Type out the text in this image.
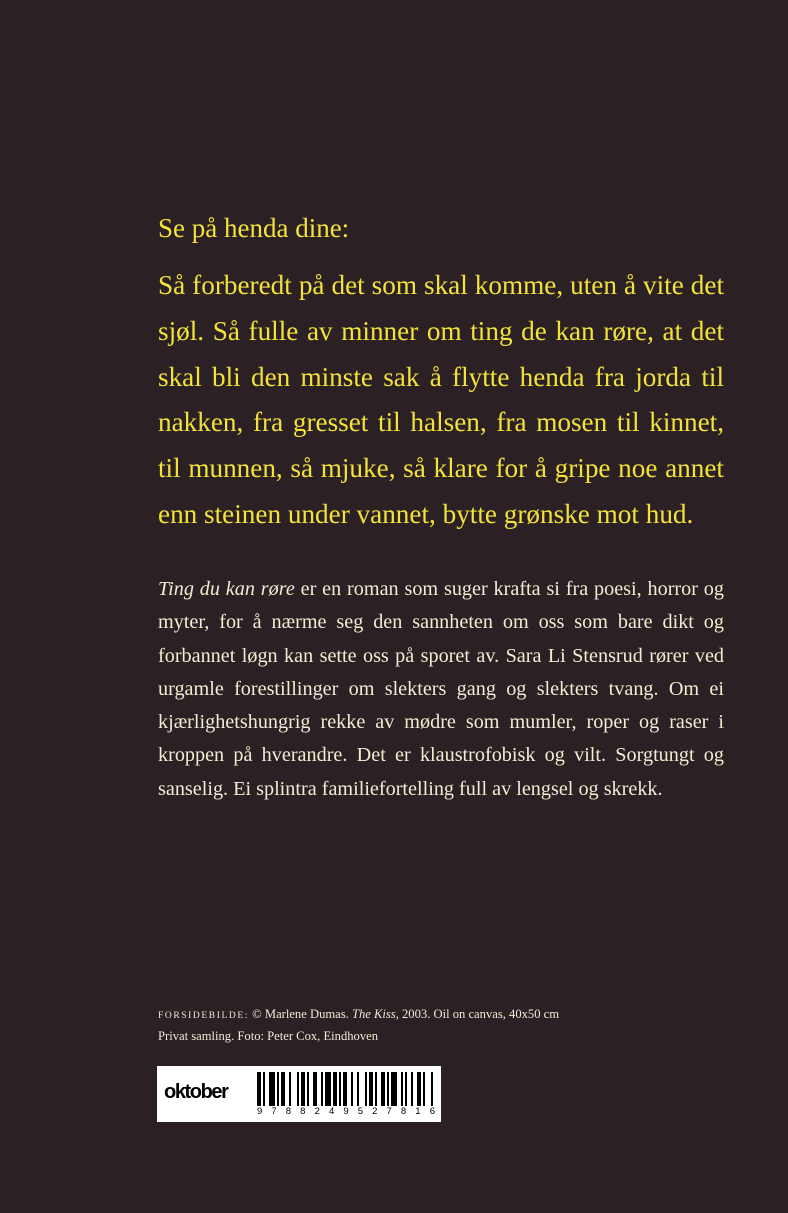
Se på henda dine:

Så forberedt på det som skal komme, uten å vite det sjøl. Så fulle av minner om ting de kan røre, at det skal bli den minste sak å flytte henda fra jorda til nakken, fra gresset til halsen, fra mosen til kinnet, til munnen, så mjuke, så klare for å gripe noe annet enn steinen under vannet, bytte grønske mot hud.

Ting du kan røre er en roman som suger krafta si fra poesi, horror og myter, for å nærme seg den sannheten om oss som bare dikt og forbannet løgn kan sette oss på sporet av. Sara Li Stensrud rører ved urgamle forestillinger om slekters gang og slekters tvang. Om ei kjærlighetshungrig rekke av mødre som mumler, roper og raser i kroppen på hverandre. Det er klaustrofobisk og vilt. Sorgtungt og sanselig. Ei splintra familiefortelling full av lengsel og skrekk.

FORSIDEBILDE: © Marlene Dumas. The Kiss, 2003. Oil on canvas, 40x50 cm
Privat samling. Foto: Peter Cox, Eindhoven
oktober
9 7 8 8 2 4 9 5 2 7 8 1 6
